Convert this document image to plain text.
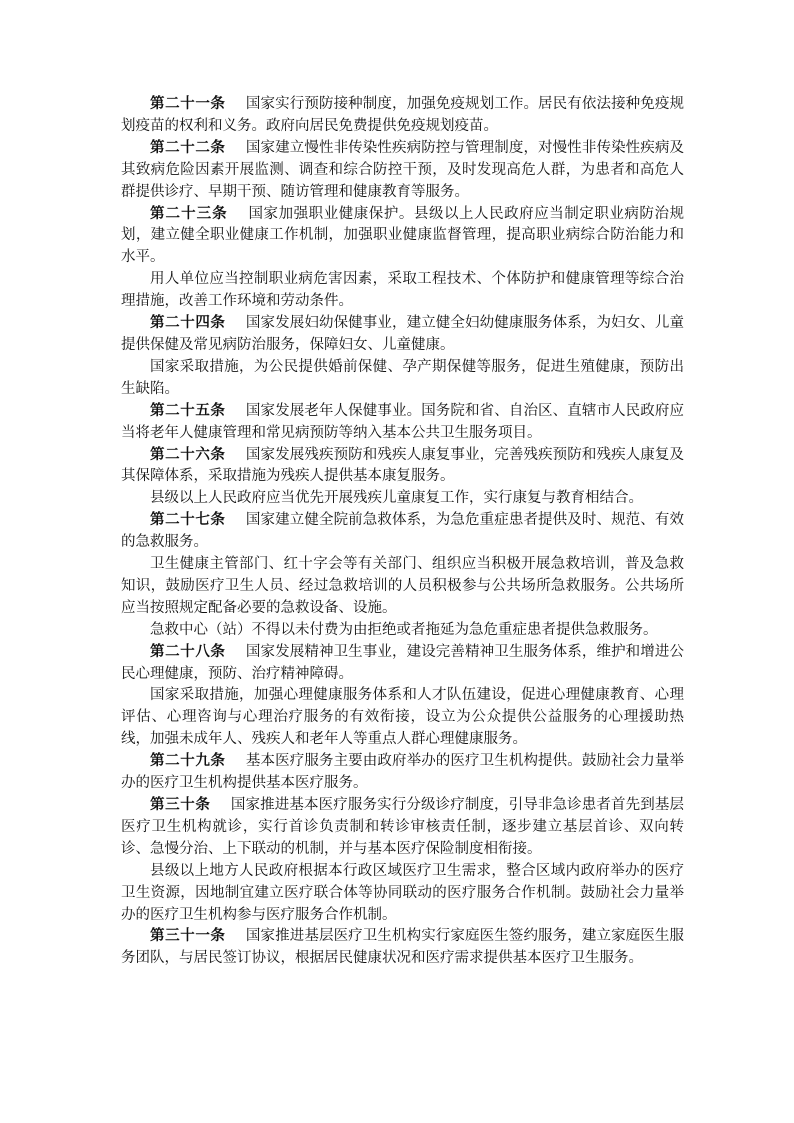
第二十一条 国家实行预防接种制度，加强免疫规划工作。居民有依法接种免疫规划疫苗的权利和义务。政府向居民免费提供免疫规划疫苗。

第二十二条 国家建立慢性非传染性疾病防控与管理制度，对慢性非传染性疾病及其致病危险因素开展监测、调查和综合防控干预，及时发现高危人群，为患者和高危人群提供诊疗、早期干预、随访管理和健康教育等服务。

第二十三条 国家加强职业健康保护。县级以上人民政府应当制定职业病防治规划，建立健全职业健康工作机制，加强职业健康监督管理，提高职业病综合防治能力和水平。

用人单位应当控制职业病危害因素，采取工程技术、个体防护和健康管理等综合治理措施，改善工作环境和劳动条件。

第二十四条 国家发展妇幼保健事业，建立健全妇幼健康服务体系，为妇女、儿童提供保健及常见病防治服务，保障妇女、儿童健康。

国家采取措施，为公民提供婚前保健、孕产期保健等服务，促进生殖健康，预防出生缺陷。

第二十五条 国家发展老年人保健事业。国务院和省、自治区、直辖市人民政府应当将老年人健康管理和常见病预防等纳入基本公共卫生服务项目。

第二十六条 国家发展残疾预防和残疾人康复事业，完善残疾预防和残疾人康复及其保障体系，采取措施为残疾人提供基本康复服务。

县级以上人民政府应当优先开展残疾儿童康复工作，实行康复与教育相结合。

第二十七条 国家建立健全院前急救体系，为急危重症患者提供及时、规范、有效的急救服务。

卫生健康主管部门、红十字会等有关部门、组织应当积极开展急救培训，普及急救知识，鼓励医疗卫生人员、经过急救培训的人员积极参与公共场所急救服务。公共场所应当按照规定配备必要的急救设备、设施。

急救中心（站）不得以未付费为由拒绝或者拖延为急危重症患者提供急救服务。

第二十八条 国家发展精神卫生事业，建设完善精神卫生服务体系，维护和增进公民心理健康，预防、治疗精神障碍。

国家采取措施，加强心理健康服务体系和人才队伍建设，促进心理健康教育、心理评估、心理咨询与心理治疗服务的有效衔接，设立为公众提供公益服务的心理援助热线，加强未成年人、残疾人和老年人等重点人群心理健康服务。

第二十九条 基本医疗服务主要由政府举办的医疗卫生机构提供。鼓励社会力量举办的医疗卫生机构提供基本医疗服务。

第三十条 国家推进基本医疗服务实行分级诊疗制度，引导非急诊患者首先到基层医疗卫生机构就诊，实行首诊负责制和转诊审核责任制，逐步建立基层首诊、双向转诊、急慢分治、上下联动的机制，并与基本医疗保险制度相衔接。

县级以上地方人民政府根据本行政区域医疗卫生需求，整合区域内政府举办的医疗卫生资源，因地制宜建立医疗联合体等协同联动的医疗服务合作机制。鼓励社会力量举办的医疗卫生机构参与医疗服务合作机制。

第三十一条 国家推进基层医疗卫生机构实行家庭医生签约服务，建立家庭医生服务团队，与居民签订协议，根据居民健康状况和医疗需求提供基本医疗卫生服务。
